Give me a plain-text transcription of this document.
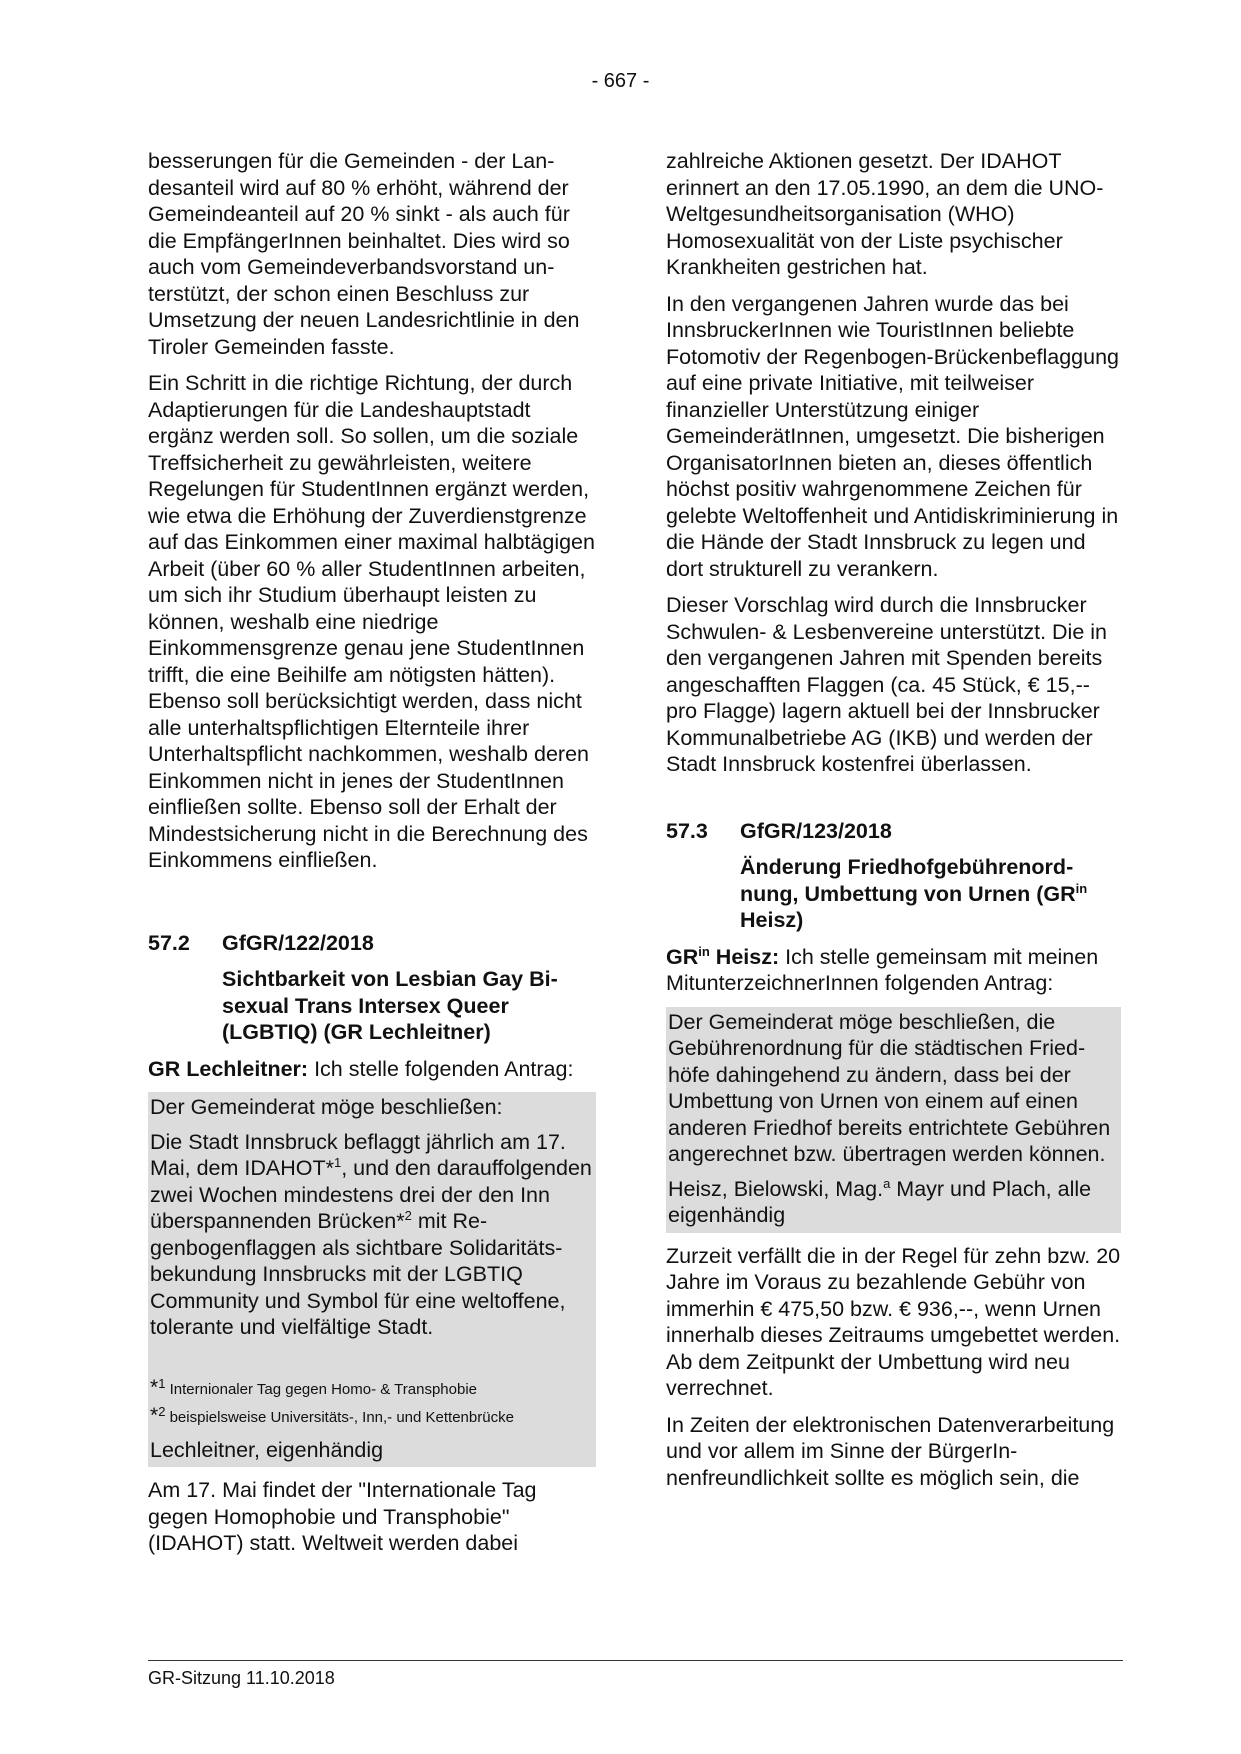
- 667 -

besserungen für die Gemeinden - der Landesanteil wird auf 80 % erhöht, während der Gemeindeanteil auf 20 % sinkt - als auch für die EmpfängerInnen beinhaltet. Dies wird so auch vom Gemeindeverbandsvorstand unterstützt, der schon einen Beschluss zur Umsetzung der neuen Landesrichtlinie in den Tiroler Gemeinden fasste.

Ein Schritt in die richtige Richtung, der durch Adaptierungen für die Landeshauptstadt ergänz werden soll. So sollen, um die soziale Treffsicherheit zu gewährleisten, weitere Regelungen für StudentInnen ergänzt werden, wie etwa die Erhöhung der Zuverdienstgrenze auf das Einkommen einer maximal halbtägigen Arbeit (über 60 % aller StudentInnen arbeiten, um sich ihr Studium überhaupt leisten zu können, weshalb eine niedrige Einkommensgrenze genau jene StudentInnen trifft, die eine Beihilfe am nötigsten hätten). Ebenso soll berücksichtigt werden, dass nicht alle unterhaltspflichtigen Elternteile ihrer Unterhaltspflicht nachkommen, weshalb deren Einkommen nicht in jenes der StudentInnen einfließen sollte. Ebenso soll der Erhalt der Mindestsicherung nicht in die Berechnung des Einkommens einfließen.

57.2 GfGR/122/2018
Sichtbarkeit von Lesbian Gay Bisexual Trans Intersex Queer (LGBTIQ) (GR Lechleitner)

GR Lechleitner: Ich stelle folgenden Antrag:

Der Gemeinderat möge beschließen:

Die Stadt Innsbruck beflaggt jährlich am 17. Mai, dem IDAHOT*$^1$, und den darauffolgenden zwei Wochen mindestens drei der den Inn überspannenden Brücken*$^2$ mit Regenbogenflaggen als sichtbare Solidaritätsbekundung Innsbrucks mit der LGBTIQ Community und Symbol für eine weltoffene, tolerante und vielfältige Stadt.

*$^1$ Internionaler Tag gegen Homo- & Transphobie
*$^2$ beispielsweise Universitäts-, Inn,- und Kettenbrücke

Lechleitner, eigenhändig

Am 17. Mai findet der "Internationale Tag gegen Homophobie und Transphobie"(IDAHOT) statt. Weltweit werden dabei

zahlreiche Aktionen gesetzt. Der IDAHOT erinnert an den 17.05.1990, an dem die UNO-Weltgesundheitsorganisation (WHO) Homosexualität von der Liste psychischer Krankheiten gestrichen hat.

In den vergangenen Jahren wurde das bei InnsbruckerInnen wie TouristInnen beliebte Fotomotiv der Regenbogen-Brückenbeflaggung auf eine private Initiative, mit teilweiser finanzieller Unterstützung einiger GemeinderätInnen, umgesetzt. Die bisherigen OrganisatorInnen bieten an, dieses öffentlich höchst positiv wahrgenommene Zeichen für gelebte Weltoffenheit und Antidiskriminierung in die Hände der Stadt Innsbruck zu legen und dort strukturell zu verankern.

Dieser Vorschlag wird durch die Innsbrucker Schwulen- & Lesbenvereine unterstützt. Die in den vergangenen Jahren mit Spenden bereits angeschafften Flaggen (ca. 45 Stück, € 15,-- pro Flagge) lagern aktuell bei der Innsbrucker Kommunalbetriebe AG (IKB) und werden der Stadt Innsbruck kostenfrei überlassen.

57.3 GfGR/123/2018
Änderung Friedhofgebührenordnung, Umbettung von Urnen ($GR^{in}$ Heisz)

$GR^{in}$ Heisz: Ich stelle gemeinsam mit meinen MitunterzeichnerInnen folgenden Antrag:

Der Gemeinderat möge beschließen, die Gebührenordnung für die städtischen Friedhöfe dahingehend zu ändern, dass bei der Umbettung von Urnen von einem auf einen anderen Friedhof bereits entrichtete Gebühren angerechnet bzw. übertragen werden können.

Heisz, Bielowski, Mag.$^a$ Mayr und Plach, alle eigenhändig

Zurzeit verfällt die in der Regel für zehn bzw. 20 Jahre im Voraus zu bezahlende Gebühr von immerhin € 475,50 bzw. € 936,--, wenn Urnen innerhalb dieses Zeitraums umgebettet werden. Ab dem Zeitpunkt der Umbettung wird neu verrechnet.

In Zeiten der elektronischen Datenverarbeitung und vor allem im Sinne der BürgerInnenfreundlichkeit sollte es möglich sein, die

GR-Sitzung 11.10.2018
